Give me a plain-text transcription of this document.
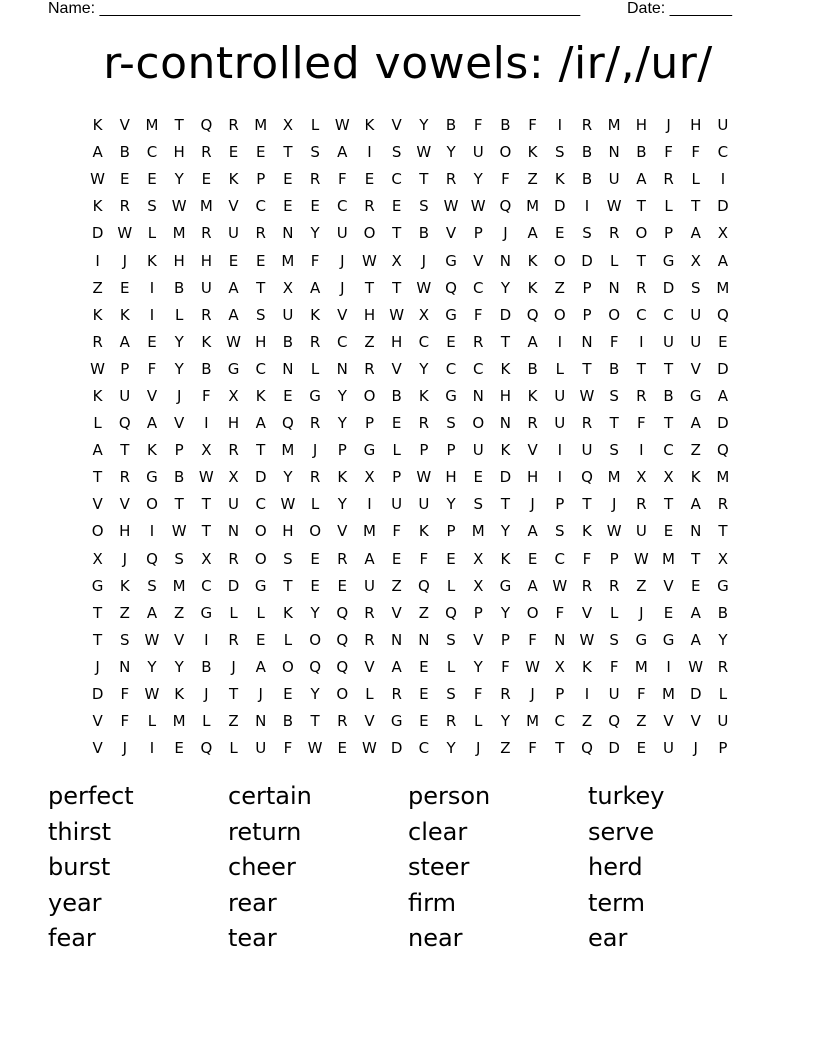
Name: ______________________________________________________	Date: _______
r-controlled vowels: /ir/,/ur/
K	V	M	T	Q	R	M	X	L	W K	V	Y	B	F	B	F	I	R	M	H	J	H	U
A	B	C	H	R	E	E	T	S	A	I	S	W	Y	U	O	K	S	B	N	B	F	F	C
W	E	E	Y	E	K	P	E	R	F	E	C	T	R	Y	F	Z	K	B	U	A	R	L	I
K	R	S	W M	V	C	E	E	C	R	E	S	W W Q M D	I	W	T	L	T	D
D W	L	M	R	U	R	N	Y	U	O	T	B	V	P	J	A	E	S	R	O	P	A	X
I	J	K	H	H	E	E	M	F	J	W X	J	G	V	N	K	O	D	L	T	G	X	A
Z	E	I	B	U	A	T	X	A	J	T	T	W Q	C	Y	K	Z	P	N	R	D	S	M
K	K	I	L	R	A	S	U	K	V	H W X	G	F	D	Q	O	P	O	C	C	U	Q
R	A	E	Y	K W H	B	R	C	Z	H	C	E	R	T	A	I	N	F	I	U	U	E
W	P	F	Y	B	G	C	N	L	N	R	V	Y	C	C	K	B	L	T	B	T	T	V	D
K	U	V	J	F	X	K	E	G	Y	O	B	K	G	N	H	K	U W	S	R	B	G	A
L	Q	A	V	I	H	A	Q	R	Y	P	E	R	S	O	N	R	U	R	T	F	T	A	D
A	T	K	P	X	R	T	M	J	P	G	L	P	P	U	K	V	I	U	S	I	C	Z	Q
T	R	G	B W X	D	Y	R	K	X	P	W H	E	D	H	I	Q M	X	X	K	M
V	V	O	T	T	U	C W	L	Y	I	U	U	Y	S	T	J	P	T	J	R	T	A	R
O	H	I	W	T	N	O	H	O	V	M	F	K	P	M	Y	A	S	K W U	E	N	T
X	J	Q	S	X	R	O	S	E	R	A	E	F	E	X	K	E	C	F	P	W M	T	X
G	K	S	M	C	D	G	T	E	E	U	Z	Q	L	X	G	A W R	R	Z	V	E	G
T	Z	A	Z	G	L	L	K	Y	Q	R	V	Z	Q	P	Y	O	F	V	L	J	E	A	B
T	S	W V	I	R	E	L	O	Q	R	N	N	S	V	P	F	N W	S	G	G	A	Y
J	N	Y	Y	B	J	A	O	Q	Q	V	A	E	L	Y	F	W X	K	F	M	I	W R
D	F	W K	J	T	J	E	Y	O	L	R	E	S	F	R	J	P	I	U	F	M D	L
V	F	L	M	L	Z	N	B	T	R	V	G	E	R	L	Y	M	C	Z	Q	Z	V	V	U
V	J	I	E	Q	L	U	F	W	E	W D	C	Y	J	Z	F	T	Q	D	E	U	J	P
perfect	certain	person	turkey
thirst	return	clear	serve
burst	cheer	steer	herd
year	rear	firm	term
fear	tear	near	ear
